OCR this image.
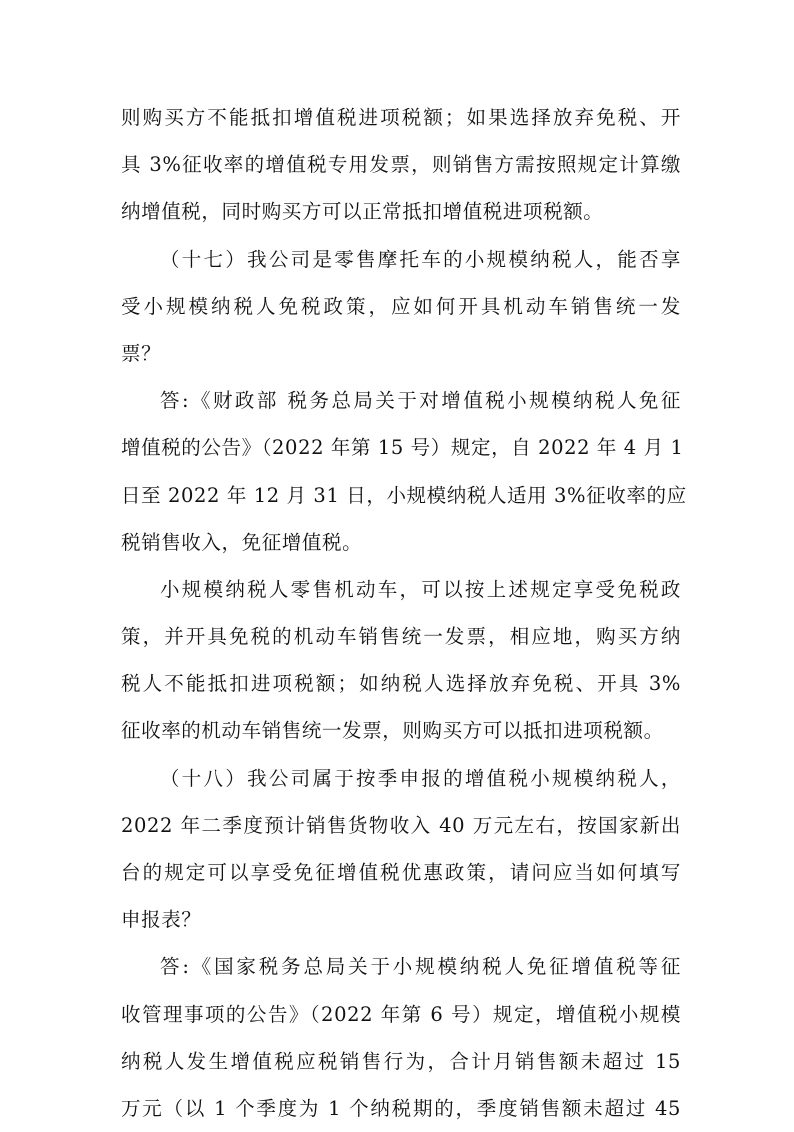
则购买方不能抵扣增值税进项税额；如果选择放弃免税、开
具 3%征收率的增值税专用发票，则销售方需按照规定计算缴
纳增值税，同时购买方可以正常抵扣增值税进项税额。
（十七）我公司是零售摩托车的小规模纳税人，能否享
受小规模纳税人免税政策，应如何开具机动车销售统一发
票？
答:《财政部 税务总局关于对增值税小规模纳税人免征
增值税的公告》（2022 年第 15 号）规定，自 2022 年 4 月 1
日至 2022 年 12 月 31 日，小规模纳税人适用 3%征收率的应
税销售收入，免征增值税。
小规模纳税人零售机动车，可以按上述规定享受免税政
策，并开具免税的机动车销售统一发票，相应地，购买方纳
税人不能抵扣进项税额；如纳税人选择放弃免税、开具 3%
征收率的机动车销售统一发票，则购买方可以抵扣进项税额。
（十八）我公司属于按季申报的增值税小规模纳税人，
2022 年二季度预计销售货物收入 40 万元左右，按国家新出
台的规定可以享受免征增值税优惠政策，请问应当如何填写
申报表？
答:《国家税务总局关于小规模纳税人免征增值税等征
收管理事项的公告》（2022 年第 6 号）规定，增值税小规模
纳税人发生增值税应税销售行为，合计月销售额未超过 15
万元（以 1 个季度为 1 个纳税期的，季度销售额未超过 45
